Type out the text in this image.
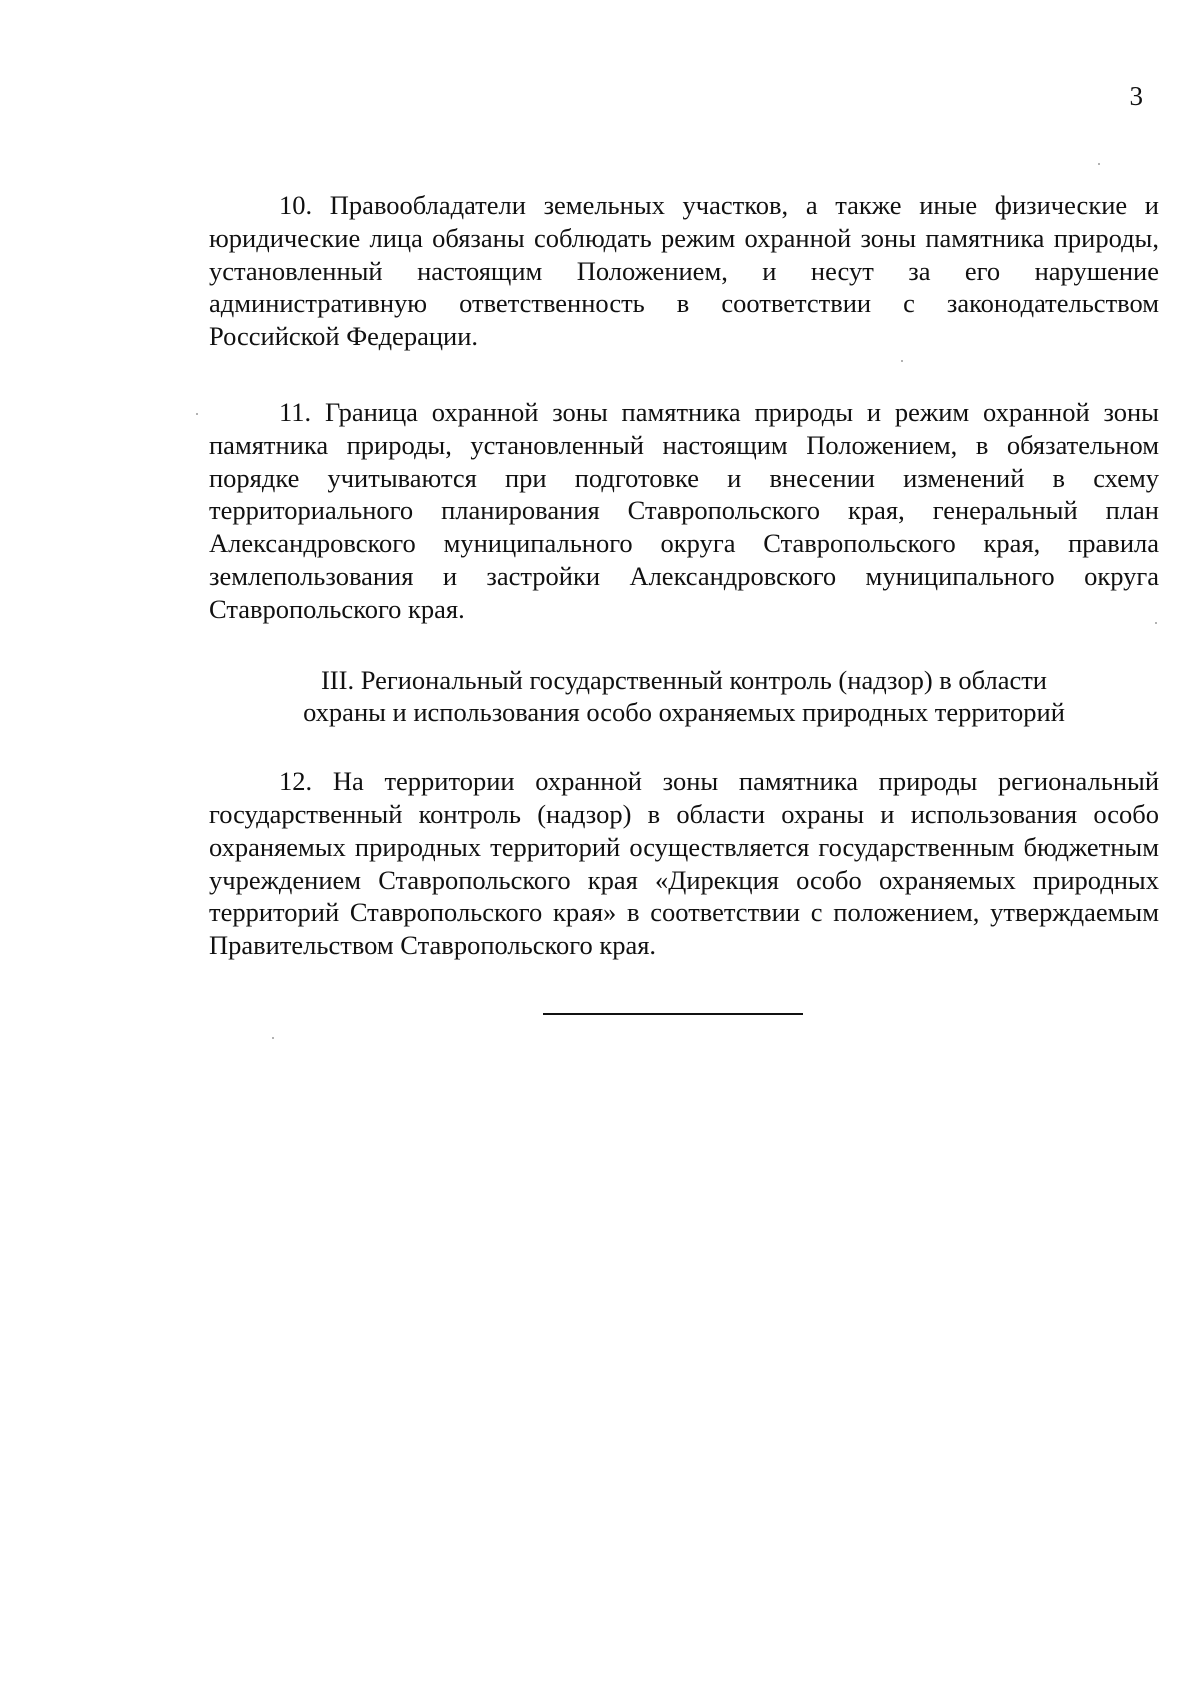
3

10. Правообладатели земельных участков, а также иные физические и юридические лица обязаны соблюдать режим охранной зоны памятника природы, установленный настоящим Положением, и несут за его нарушение административную ответственность в соответствии с законодательством Российской Федерации.

11. Граница охранной зоны памятника природы и режим охранной зоны памятника природы, установленный настоящим Положением, в обязательном порядке учитываются при подготовке и внесении изменений в схему территориального планирования Ставропольского края, генеральный план Александровского муниципального округа Ставропольского края, правила землепользования и застройки Александровского муниципального округа Ставропольского края.

III. Региональный государственный контроль (надзор) в области
охраны и использования особо охраняемых природных территорий

12. На территории охранной зоны памятника природы региональный государственный контроль (надзор) в области охраны и использования особо охраняемых природных территорий осуществляется государственным бюджетным учреждением Ставропольского края «Дирекция особо охраняемых природных территорий Ставропольского края» в соответствии с положением, утверждаемым Правительством Ставропольского края.
